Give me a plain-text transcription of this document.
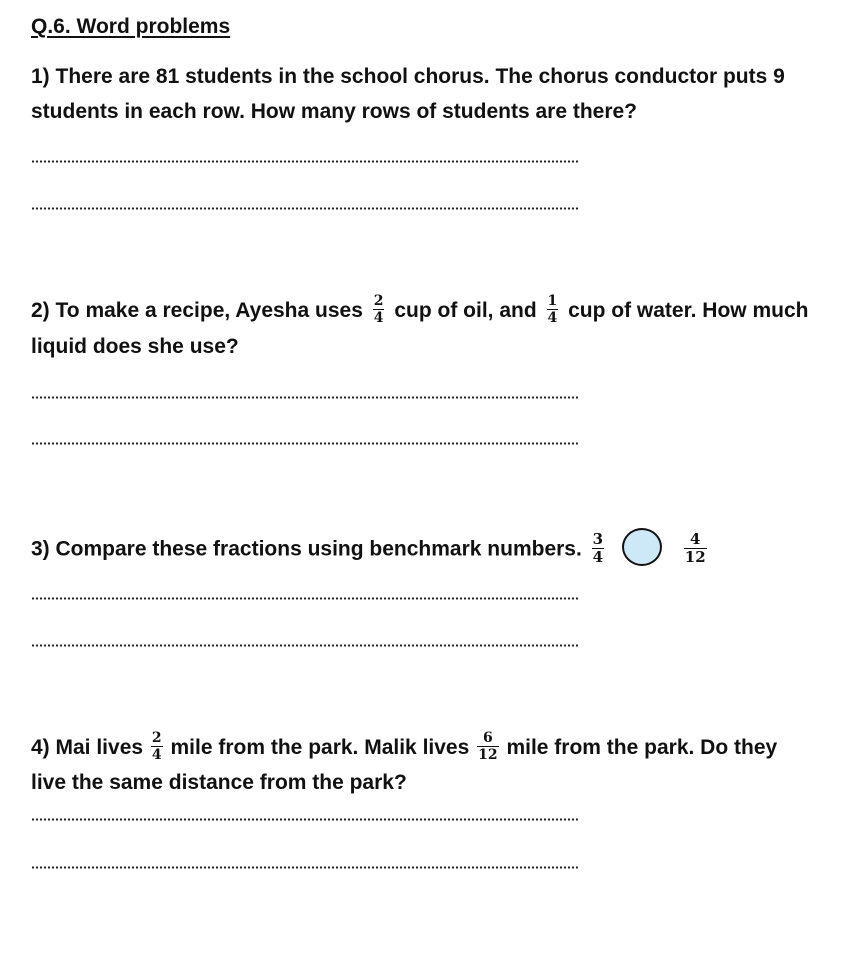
Q.6. Word problems
1) There are 81 students in the school chorus. The chorus conductor puts 9
students in each row. How many rows of students are there?
2) To make a recipe, Ayesha uses $\frac{2}{4}$ cup of oil, and $\frac{1}{4}$ cup of water. How much
liquid does she use?
3) Compare these fractions using benchmark numbers. $\frac{3}{4}$
	$\frac{4}{12}$
4) Mai lives $\frac{2}{4}$ mile from the park. Malik lives $\frac{6}{12}$ mile from the park. Do they
live the same distance from the park?
